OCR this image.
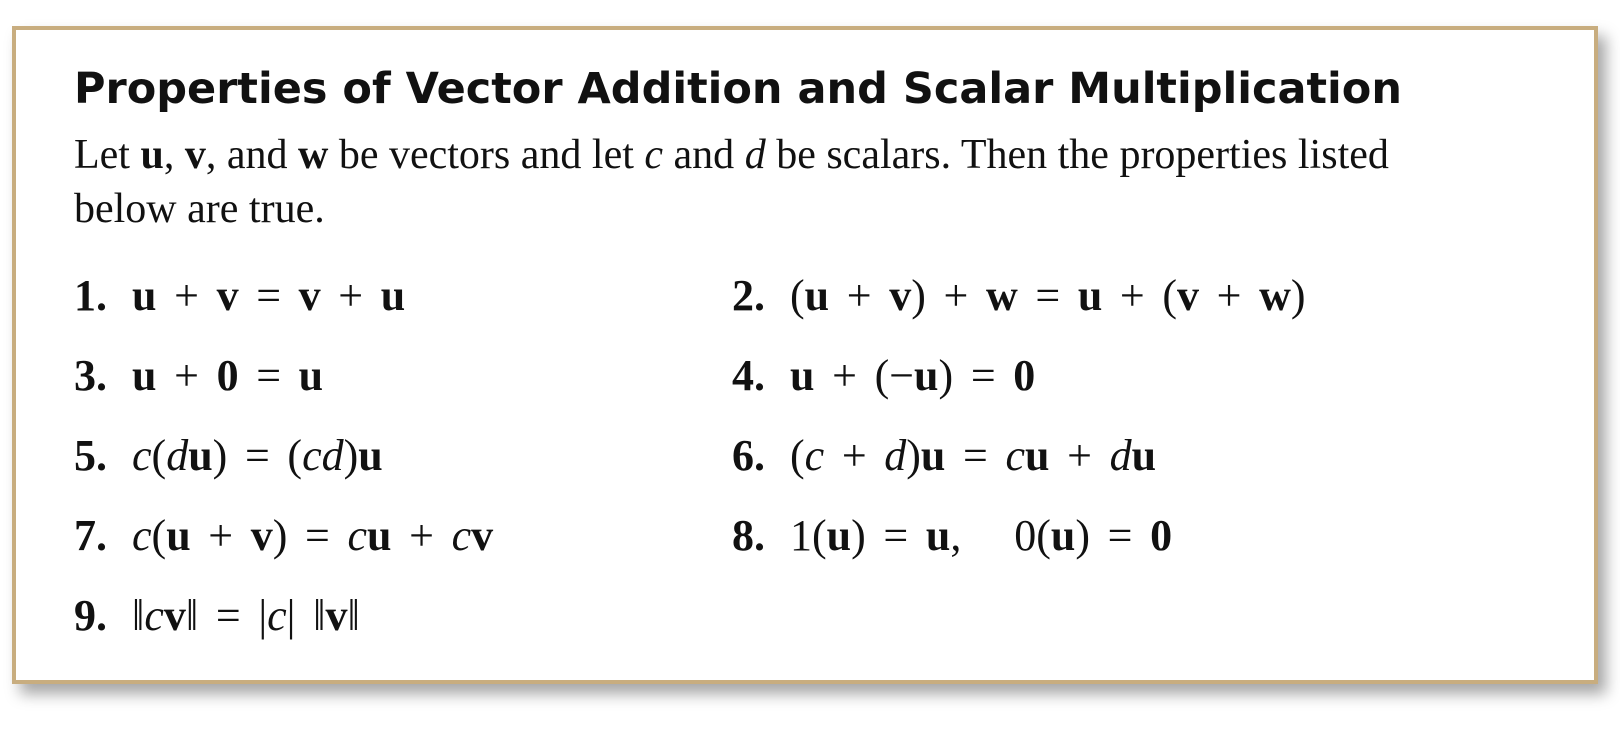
Properties of Vector Addition and Scalar Multiplication

Let u, v, and w be vectors and let c and d be scalars. Then the properties listed below are true.

1. u   +   v   =   v   +   u	2. (u   +   v)   +   w   =   u   +   (v   +   w)

3. u   +   0   =   u	4. u   +   (−u)   =   0

5. c(du)   =   (cd)u	6. (c   +   d)u   =   cu   +   du

7. c(u   +   v)   =   cu   +   cv	8. 1(u)   =   u,       0(u)   =   0

9. ‖cv‖   =   |c|   ‖v‖
